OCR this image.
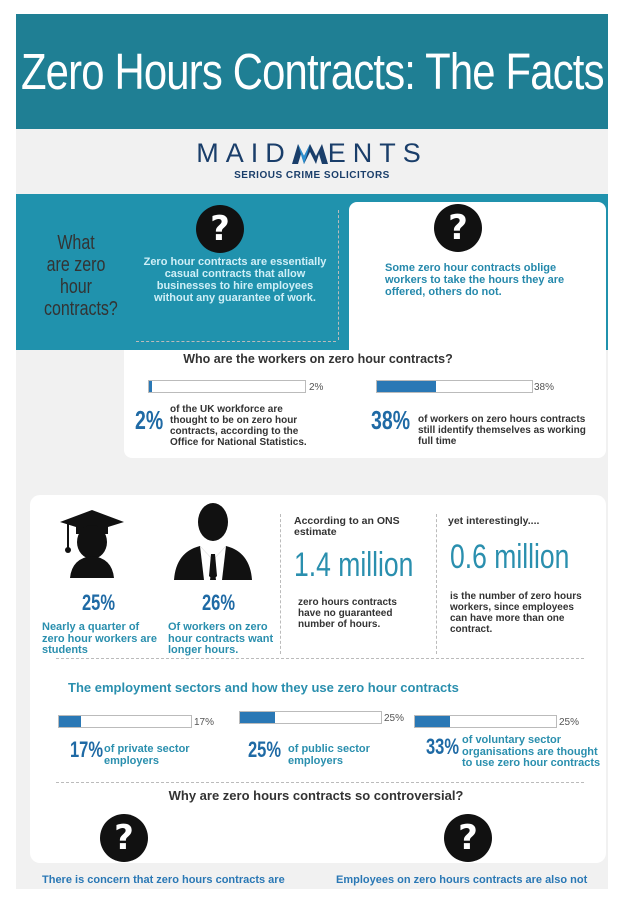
Zero Hours Contracts: The Facts
MAID ENTS
SERIOUS CRIME SOLICITORS
What are zero hour contracts?
?
Zero hour contracts are essentially casual contracts that allow businesses to hire employees without any guarantee of work.
?
Some zero hour contracts oblige workers to take the hours they are offered, others do not.
Who are the workers on zero hour contracts?
2%
2% of the UK workforce are thought to be on zero hour contracts, according to the Office for National Statistics.
38%
38% of workers on zero hours contracts still identify themselves as working full time
25%
Nearly a quarter of zero hour workers are students
26%
Of workers on zero hour contracts want longer hours.
According to an ONS estimate
1.4 million
zero hours contracts have no guaranteed number of hours.
yet interestingly....
0.6 million
is the number of zero hours workers, since employees can have more than one contract.
The employment sectors and how they use zero hour contracts
17%
17% of private sector employers
25%
25% of public sector employers
25%
33% of voluntary sector organisations are thought to use zero hour contracts
Why are zero hours contracts so controversial?
?	?
There is concern that zero hours contracts are	Employees on zero hours contracts are also not
